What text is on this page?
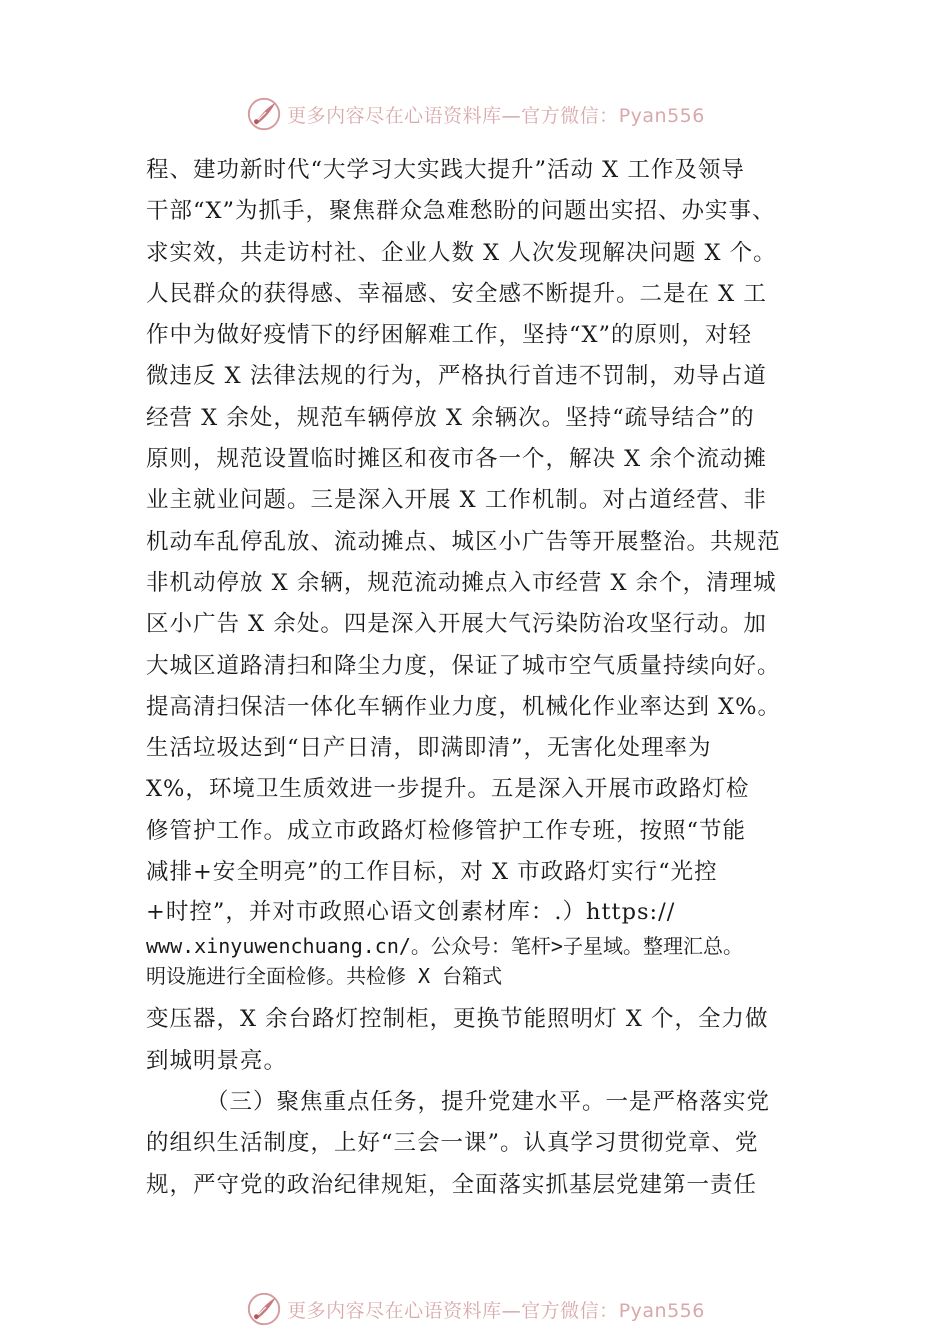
更多内容尽在心语资料库—官方微信：Pyan556
程、建功新时代“大学习大实践大提升”活动 X 工作及领导
干部“X”为抓手，聚焦群众急难愁盼的问题出实招、办实事、
求实效，共走访村社、企业人数 X 人次发现解决问题 X 个。
人民群众的获得感、幸福感、安全感不断提升。二是在 X 工
作中为做好疫情下的纾困解难工作，坚持“X”的原则，对轻
微违反 X 法律法规的行为，严格执行首违不罚制，劝导占道
经营 X 余处，规范车辆停放 X 余辆次。坚持“疏导结合”的
原则，规范设置临时摊区和夜市各一个，解决 X 余个流动摊
业主就业问题。三是深入开展 X 工作机制。对占道经营、非
机动车乱停乱放、流动摊点、城区小广告等开展整治。共规范
非机动停放 X 余辆，规范流动摊点入市经营 X 余个，清理城
区小广告 X 余处。四是深入开展大气污染防治攻坚行动。加
大城区道路清扫和降尘力度，保证了城市空气质量持续向好。
提高清扫保洁一体化车辆作业力度，机械化作业率达到 X%。
生活垃圾达到“日产日清，即满即清”，无害化处理率为
X%，环境卫生质效进一步提升。五是深入开展市政路灯检
修管护工作。成立市政路灯检修管护工作专班，按照“节能
减排+安全明亮”的工作目标，对 X 市政路灯实行“光控
+时控”，并对市政照心语文创素材库：.）https://
www.xinyuwenchuang.cn/。公众号：笔杆>子星域。整理汇总。
明设施进行全面检修。共检修 X 台箱式
变压器，X 余台路灯控制柜，更换节能照明灯 X 个，全力做
到城明景亮。
（三）聚焦重点任务，提升党建水平。一是严格落实党
的组织生活制度，上好“三会一课”。认真学习贯彻党章、党
规，严守党的政治纪律规矩，全面落实抓基层党建第一责任
更多内容尽在心语资料库—官方微信：Pyan556
